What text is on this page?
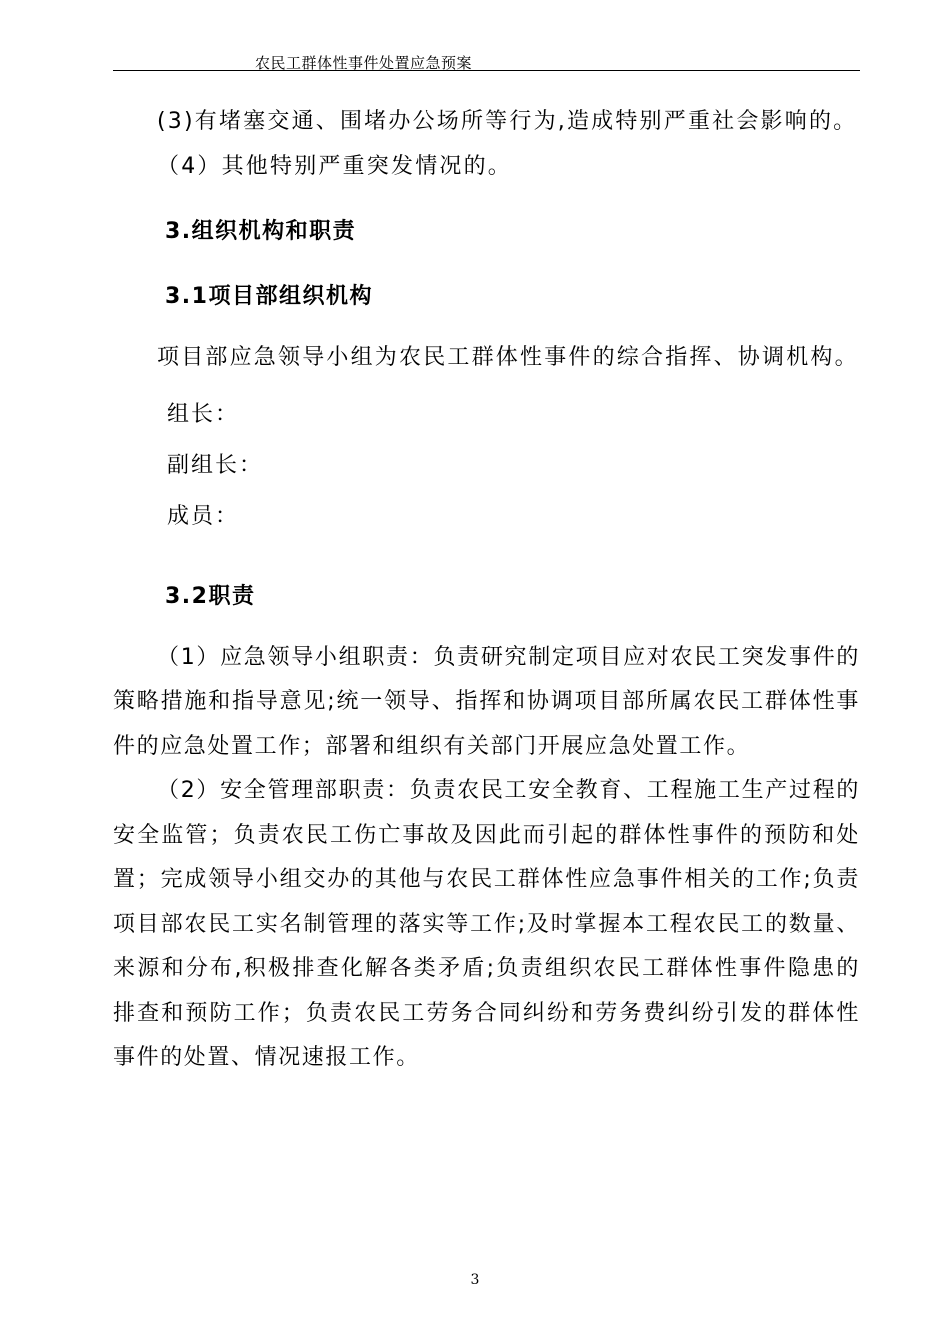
农民工群体性事件处置应急预案

(3)有堵塞交通、围堵办公场所等行为,造成特别严重社会影响的。

（4）其他特别严重突发情况的。

3.组织机构和职责
3.1项目部组织机构

项目部应急领导小组为农民工群体性事件的综合指挥、协调机构。

组长：

副组长：

成员：

3.2职责

（1）应急领导小组职责：负责研究制定项目应对农民工突发事件的策略措施和指导意见;统一领导、指挥和协调项目部所属农民工群体性事件的应急处置工作；部署和组织有关部门开展应急处置工作。

（2）安全管理部职责：负责农民工安全教育、工程施工生产过程的安全监管；负责农民工伤亡事故及因此而引起的群体性事件的预防和处置；完成领导小组交办的其他与农民工群体性应急事件相关的工作;负责项目部农民工实名制管理的落实等工作;及时掌握本工程农民工的数量、来源和分布,积极排查化解各类矛盾;负责组织农民工群体性事件隐患的排查和预防工作；负责农民工劳务合同纠纷和劳务费纠纷引发的群体性事件的处置、情况速报工作。

3
